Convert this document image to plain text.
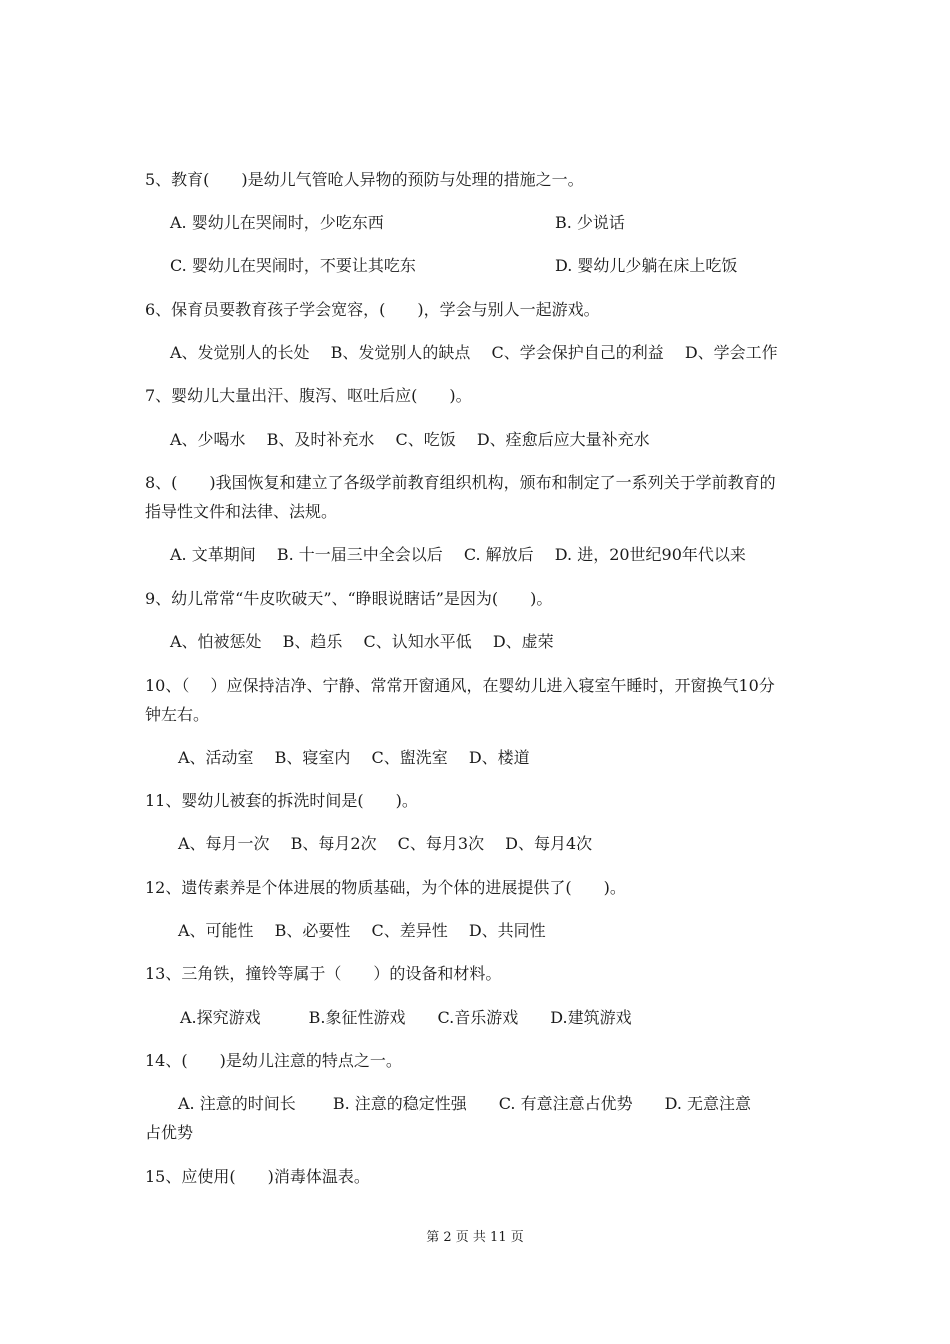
5、教育(　　)是幼儿气管呛人异物的预防与处理的措施之一。
A. 婴幼儿在哭闹时，少吃东西	B. 少说话
C. 婴幼儿在哭闹时，不要让其吃东	D. 婴幼儿少躺在床上吃饭
6、保育员要教育孩子学会宽容，(　　)，学会与别人一起游戏。
A、发觉别人的长处　 B、发觉别人的缺点　 C、学会保护自己的利益　 D、学会工作
7、婴幼儿大量出汗、腹泻、呕吐后应(　　)。
A、少喝水　 B、及时补充水　 C、吃饭　 D、痊愈后应大量补充水
8、(　　)我国恢复和建立了各级学前教育组织机构，颁布和制定了一系列关于学前教育的
指导性文件和法律、法规。
A. 文革期间　 B. 十一届三中全会以后　 C. 解放后　 D. 进，20世纪90年代以来
9、幼儿常常“牛皮吹破天”、“睁眼说瞎话”是因为(　　)。
A、怕被惩处　 B、趋乐　 C、认知水平低　 D、虚荣
10、（　 ）应保持洁净、宁静、常常开窗通风，在婴幼儿进入寝室午睡时，开窗换气10分
钟左右。
A、活动室　 B、寝室内　 C、盥洗室　 D、楼道
11、婴幼儿被套的拆洗时间是(　　)。
A、每月一次　 B、每月2次　 C、每月3次　 D、每月4次
12、遗传素养是个体进展的物质基础，为个体的进展提供了(　　)。
A、可能性　 B、必要性　 C、差异性　 D、共同性
13、三角铁，撞铃等属于（　　）的设备和材料。
A.探究游戏　　　B.象征性游戏　　C.音乐游戏　　D.建筑游戏
14、(　　)是幼儿注意的特点之一。
A. 注意的时间长　　 B. 注意的稳定性强　　C. 有意注意占优势　　D. 无意注意
占优势
15、应使用(　　)消毒体温表。
第 2 页 共 11 页
